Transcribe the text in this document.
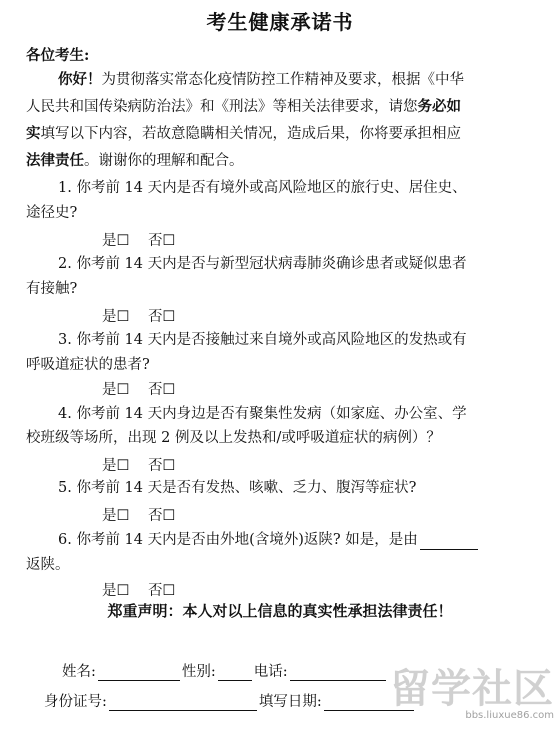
考生健康承诺书
各位考生:
你好！为贯彻落实常态化疫情防控工作精神及要求，根据《中华
人民共和国传染病防治法》和《刑法》等相关法律要求，请您务必如
实填写以下内容，若故意隐瞒相关情况，造成后果，你将要承担相应
法律责任。谢谢你的理解和配合。
1. 你考前 14 天内是否有境外或高风险地区的旅行史、居住史、
途径史?
是☐ 否☐
2. 你考前 14 天内是否与新型冠状病毒肺炎确诊患者或疑似患者
有接触?
是☐ 否☐
3. 你考前 14 天内是否接触过来自境外或高风险地区的发热或有
呼吸道症状的患者?
是☐ 否☐
4. 你考前 14 天内身边是否有聚集性发病（如家庭、办公室、学
校班级等场所，出现 2 例及以上发热和/或呼吸道症状的病例）？
是☐ 否☐
5. 你考前 14 天是否有发热、咳嗽、乏力、腹泻等症状?
是☐ 否☐
6. 你考前 14 天内是否由外地(含境外)返陕? 如是，是由
返陕。
是☐ 否☐
郑重声明：本人对以上信息的真实性承担法律责任！
姓名:	性别:	电话:
身份证号:	填写日期:	留学社区
bbs.liuxue86.com
